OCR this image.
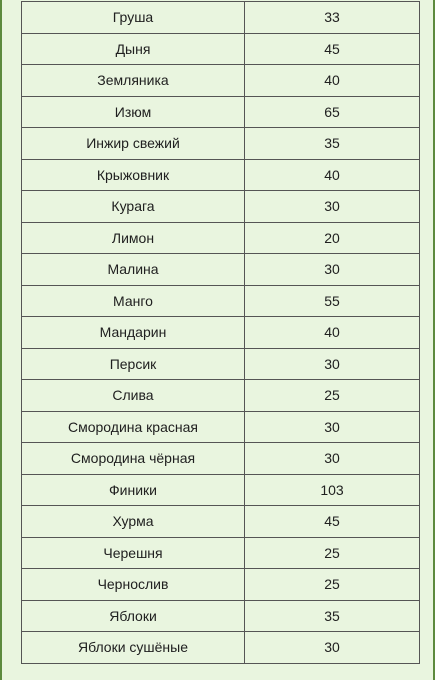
Груша	33
Дыня	45
Земляника	40
Изюм	65
Инжир свежий	35
Крыжовник	40
Курага	30
Лимон	20
Малина	30
Манго	55
Мандарин	40
Персик	30
Слива	25
Смородина красная	30
Смородина чёрная	30
Финики	103
Хурма	45
Черешня	25
Чернослив	25
Яблоки	35
Яблоки сушёные	30
